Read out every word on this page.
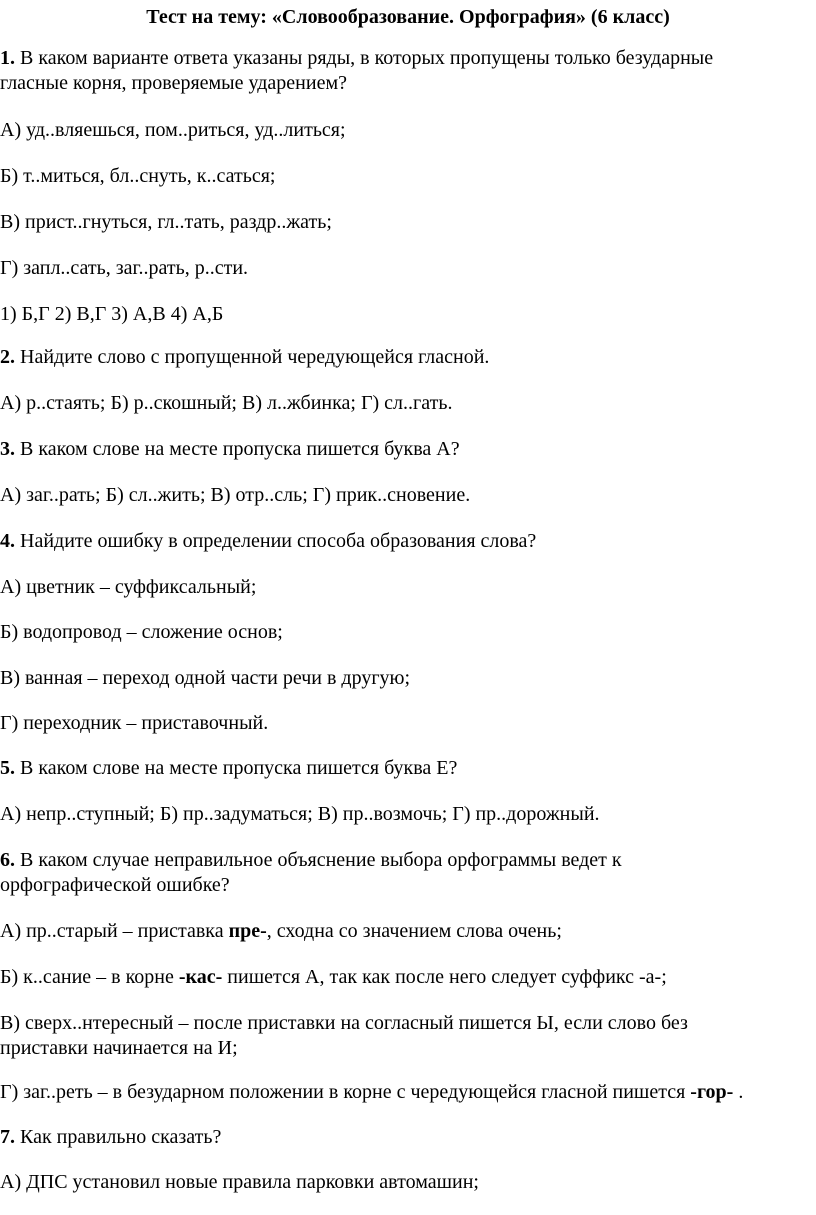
Тест на тему: «Словообразование. Орфография» (6 класс)
1. В каком варианте ответа указаны ряды, в которых пропущены только безударные
гласные корня, проверяемые ударением?
А) уд..вляешься, пом..риться, уд..литься;
Б) т..миться, бл..снуть, к..саться;
В) прист..гнуться, гл..тать, раздр..жать;
Г) запл..сать, заг..рать, р..сти.
1) Б,Г 2) В,Г 3) А,В 4) А,Б
2. Найдите слово с пропущенной чередующейся гласной.
А) р..стаять; Б) р..скошный; В) л..жбинка; Г) сл..гать.
3. В каком слове на месте пропуска пишется буква А?
А) заг..рать; Б) сл..жить; В) отр..сль; Г) прик..сновение.
4. Найдите ошибку в определении способа образования слова?
А) цветник – суффиксальный;
Б) водопровод – сложение основ;
В) ванная – переход одной части речи в другую;
Г) переходник – приставочный.
5. В каком слове на месте пропуска пишется буква Е?
А) непр..ступный; Б) пр..задуматься; В) пр..возмочь; Г) пр..дорожный.
6. В каком случае неправильное объяснение выбора орфограммы ведет к
орфографической ошибке?
А) пр..старый – приставка пре-, сходна со значением слова очень;
Б) к..сание – в корне -кас- пишется А, так как после него следует суффикс -а-;
В) сверх..нтересный – после приставки на согласный пишется Ы, если слово без
приставки начинается на И;
Г) заг..реть – в безударном положении в корне с чередующейся гласной пишется -гор- .
7. Как правильно сказать?
А) ДПС установил новые правила парковки автомашин;
